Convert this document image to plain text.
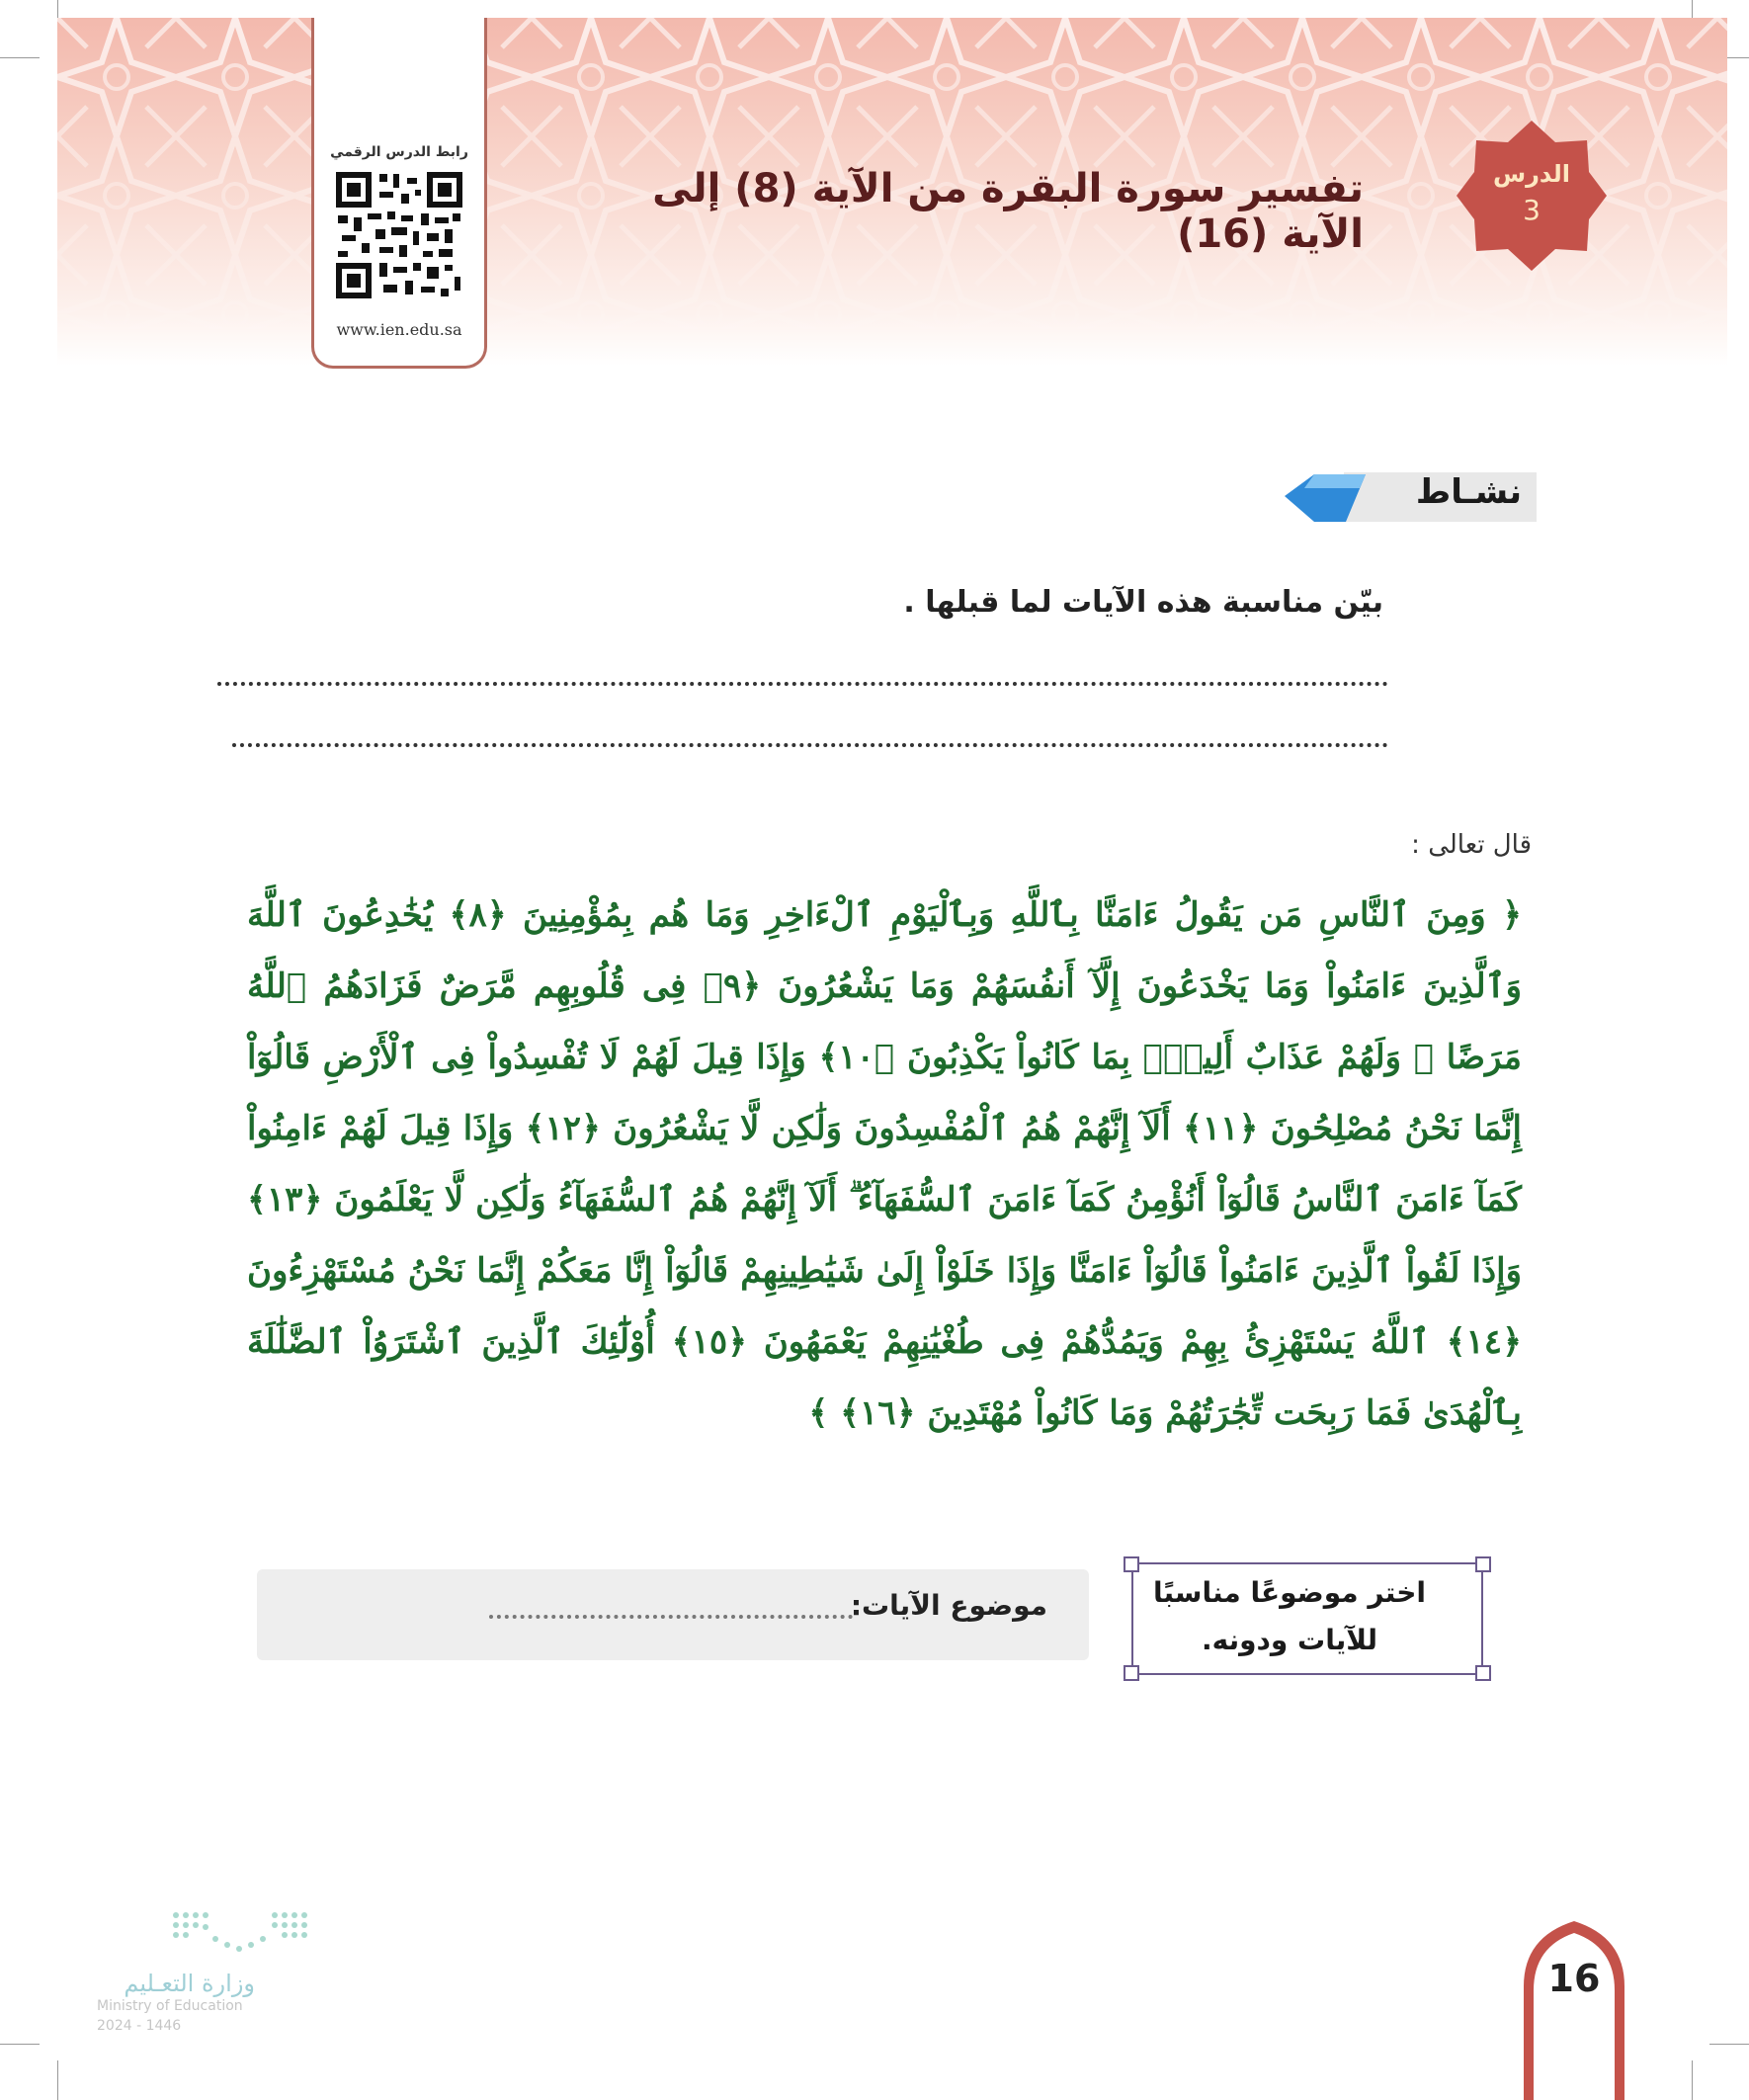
رابط الدرس الرقمي
www.ien.edu.sa
تفسير سورة البقرة من الآية (8) إلى الآية (16)
الدرس
3
نشـاط
بيّن مناسبة هذه الآيات لما قبلها .
قال تعالى :
﴿ وَمِنَ ٱلنَّاسِ مَن يَقُولُ ءَامَنَّا بِٱللَّهِ وَبِٱلْيَوْمِ ٱلْءَاخِرِ وَمَا هُم بِمُؤْمِنِينَ ﴿٨﴾ يُخَٰدِعُونَ ٱللَّهَ وَٱلَّذِينَ ءَامَنُواْ وَمَا يَخْدَعُونَ إِلَّآ أَنفُسَهُمْ وَمَا يَشْعُرُونَ ﴿٩﴾ فِى قُلُوبِهِم مَّرَضٌ فَزَادَهُمُ ٱللَّهُ مَرَضًا ۖ وَلَهُمْ عَذَابٌ أَلِيمٌۢ بِمَا كَانُواْ يَكْذِبُونَ ﴿١٠﴾ وَإِذَا قِيلَ لَهُمْ لَا تُفْسِدُواْ فِى ٱلْأَرْضِ قَالُوٓاْ إِنَّمَا نَحْنُ مُصْلِحُونَ ﴿١١﴾ أَلَآ إِنَّهُمْ هُمُ ٱلْمُفْسِدُونَ وَلَٰكِن لَّا يَشْعُرُونَ ﴿١٢﴾ وَإِذَا قِيلَ لَهُمْ ءَامِنُواْ كَمَآ ءَامَنَ ٱلنَّاسُ قَالُوٓاْ أَنُؤْمِنُ كَمَآ ءَامَنَ ٱلسُّفَهَآءُ ۗ أَلَآ إِنَّهُمْ هُمُ ٱلسُّفَهَآءُ وَلَٰكِن لَّا يَعْلَمُونَ ﴿١٣﴾ وَإِذَا لَقُواْ ٱلَّذِينَ ءَامَنُواْ قَالُوٓاْ ءَامَنَّا وَإِذَا خَلَوْاْ إِلَىٰ شَيَٰطِينِهِمْ قَالُوٓاْ إِنَّا مَعَكُمْ إِنَّمَا نَحْنُ مُسْتَهْزِءُونَ ﴿١٤﴾ ٱللَّهُ يَسْتَهْزِئُ بِهِمْ وَيَمُدُّهُمْ فِى طُغْيَٰنِهِمْ يَعْمَهُونَ ﴿١٥﴾ أُوْلَٰٓئِكَ ٱلَّذِينَ ٱشْتَرَوُاْ ٱلضَّلَٰلَةَ بِٱلْهُدَىٰ فَمَا رَبِحَت تِّجَٰرَتُهُمْ وَمَا كَانُواْ مُهْتَدِينَ ﴿١٦﴾ ﴾
موضوع الآيات:	اختر موضوعًا مناسبًا
للآيات ودونه.
وزارة التعـليم
Ministry of Education
2024 - 1446
16
